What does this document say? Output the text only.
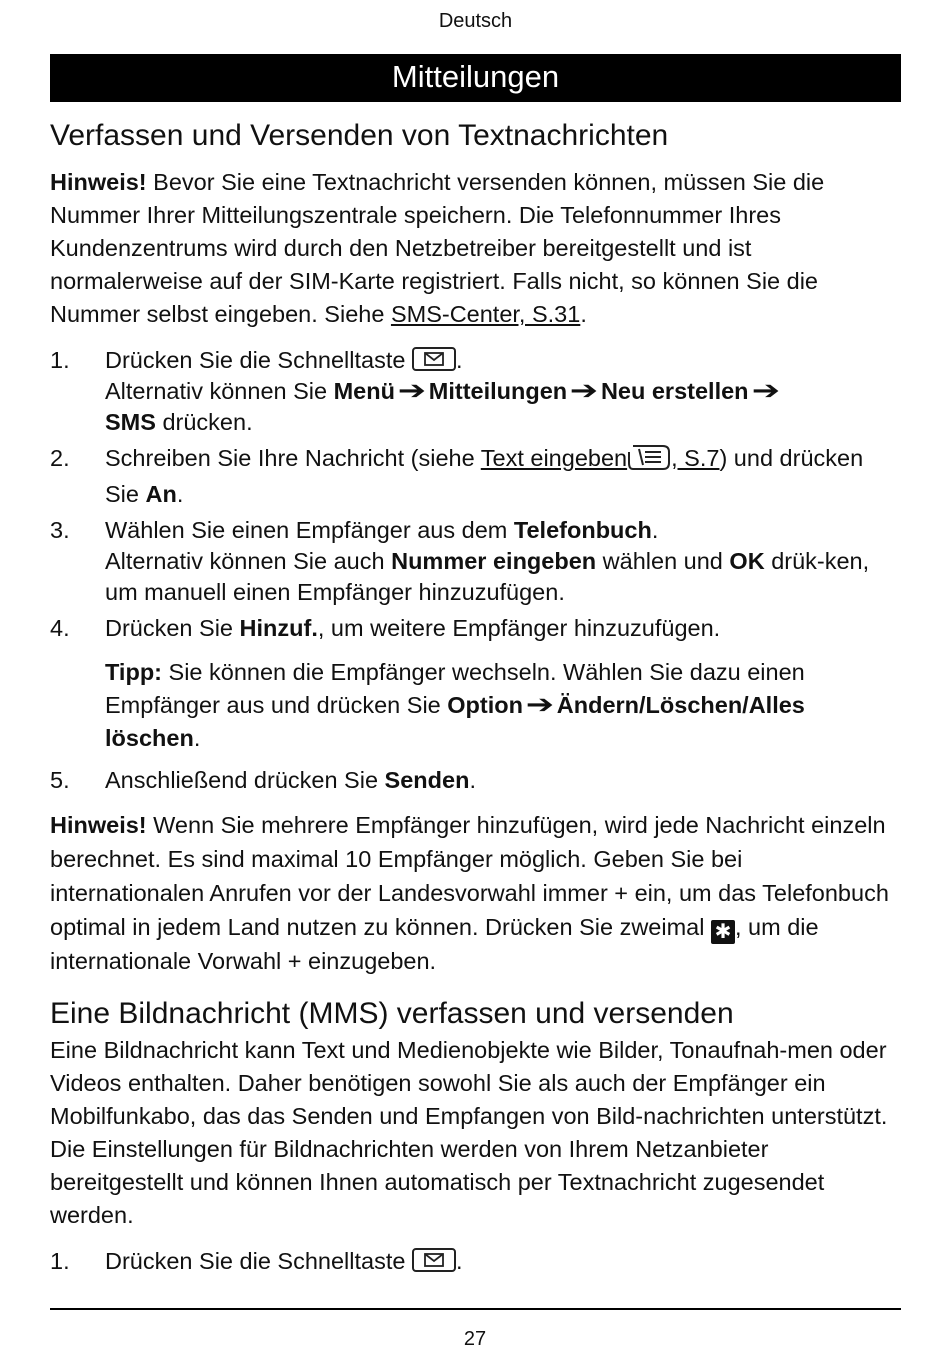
Deutsch
Mitteilungen
Verfassen und Versenden von Textnachrichten

Hinweis! Bevor Sie eine Textnachricht versenden können, müssen Sie die Nummer Ihrer Mitteilungszentrale speichern. Die Telefonnummer Ihres Kundenzentrums wird durch den Netzbetreiber bereitgestellt und ist normalerweise auf der SIM-Karte registriert. Falls nicht, so können Sie die Nummer selbst eingeben. Siehe SMS-Center, S.31.

1. Drücken Sie die Schnelltaste
.
Alternativ können Sie Menü ➔ Mitteilungen ➔ Neu erstellen ➔
SMS drücken.
2. Schreiben Sie Ihre Nachricht (siehe Text eingeben , S.7) und drücken Sie An.
3. Wählen Sie einen Empfänger aus dem Telefonbuch.
Alternativ können Sie auch Nummer eingeben wählen und OK drük-ken, um manuell einen Empfänger hinzuzufügen.
4. Drücken Sie Hinzuf., um weitere Empfänger hinzuzufügen.
Tipp: Sie können die Empfänger wechseln. Wählen Sie dazu einen Empfänger aus und drücken Sie Option ➔ Ändern/Löschen/Alles löschen.
5. Anschließend drücken Sie Senden.

Hinweis! Wenn Sie mehrere Empfänger hinzufügen, wird jede Nachricht einzeln berechnet. Es sind maximal 10 Empfänger möglich. Geben Sie bei internationalen Anrufen vor der Landesvorwahl immer + ein, um das Telefonbuch optimal in jedem Land nutzen zu können. Drücken Sie zweimal ✱ , um die internationale Vorwahl + einzugeben.

Eine Bildnachricht (MMS) verfassen und versenden

Eine Bildnachricht kann Text und Medienobjekte wie Bilder, Tonaufnah-men oder Videos enthalten. Daher benötigen sowohl Sie als auch der Empfänger ein Mobilfunkabo, das das Senden und Empfangen von Bild-nachrichten unterstützt. Die Einstellungen für Bildnachrichten werden von Ihrem Netzanbieter bereitgestellt und können Ihnen automatisch per Textnachricht zugesendet werden.

1. Drücken Sie die Schnelltaste
.
27
